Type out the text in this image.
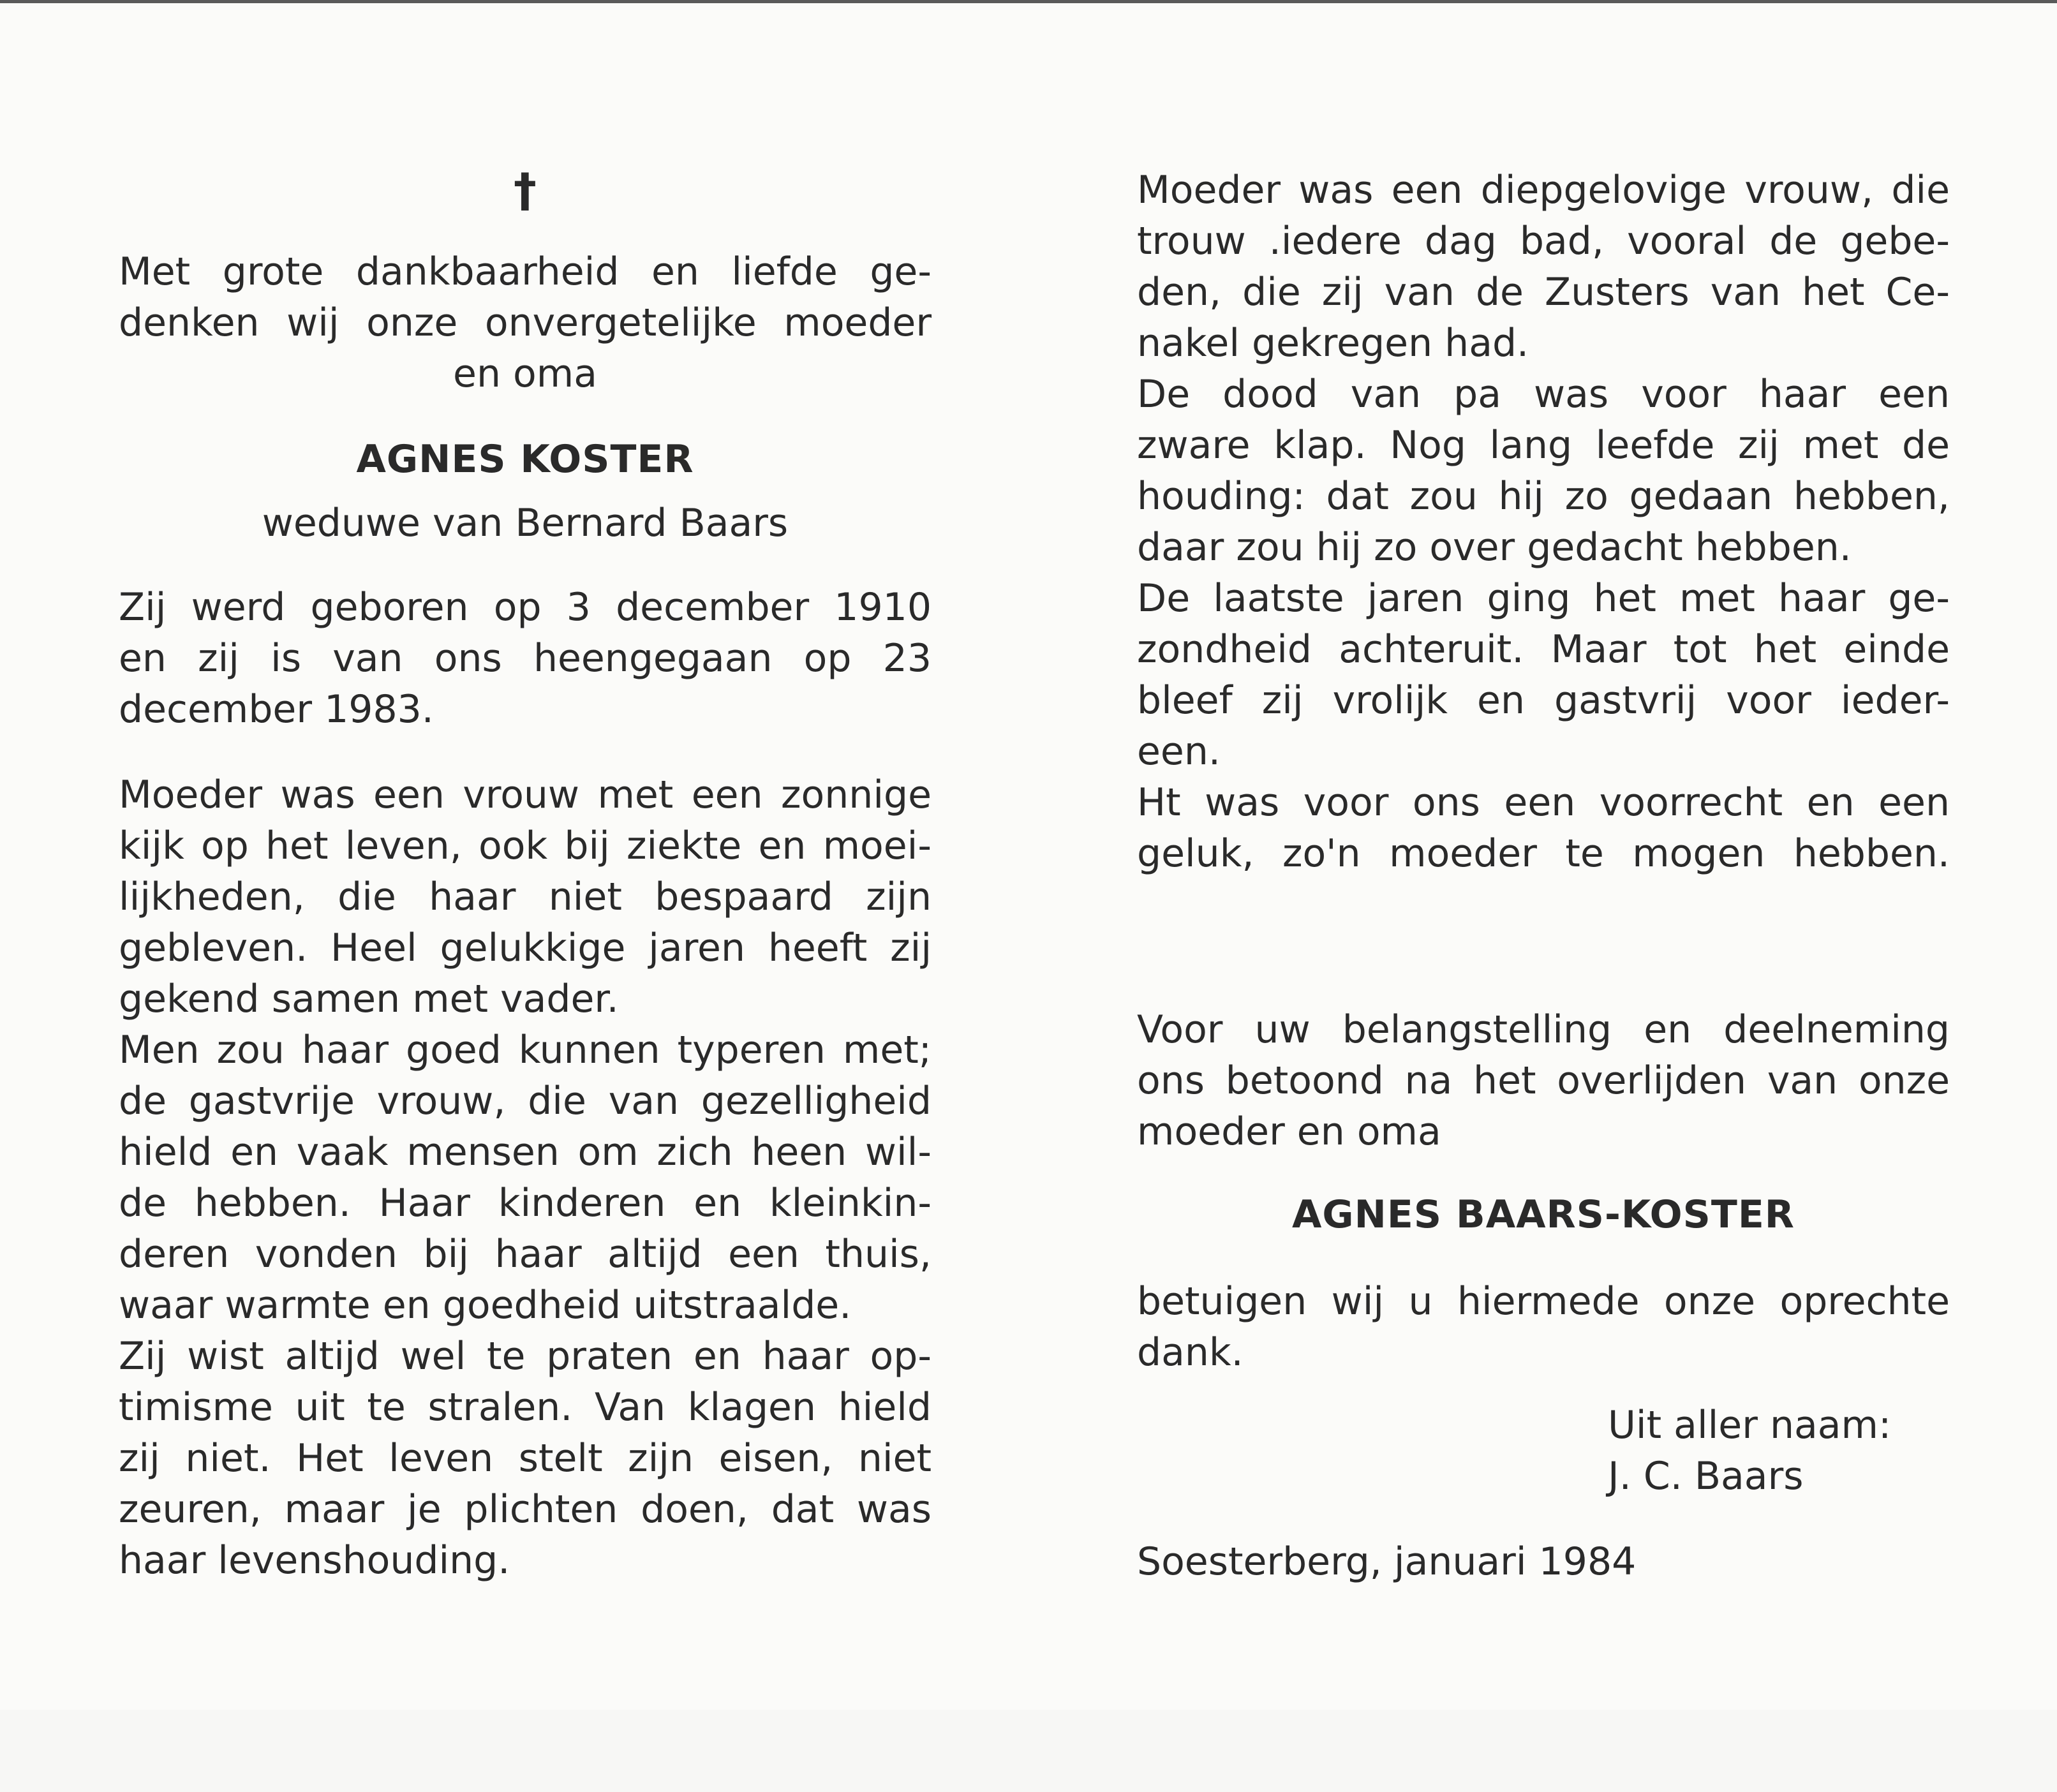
†
Met grote dankbaarheid en liefde ge-
denken wij onze onvergetelijke moeder
en oma
AGNES KOSTER
weduwe van Bernard Baars
Zij werd geboren op 3 december 1910
en zij is van ons heengegaan op 23
december 1983.
Moeder was een vrouw met een zonnige
kijk op het leven, ook bij ziekte en moei-
lijkheden, die haar niet bespaard zijn
gebleven. Heel gelukkige jaren heeft zij
gekend samen met vader.
Men zou haar goed kunnen typeren met;
de gastvrije vrouw, die van gezelligheid
hield en vaak mensen om zich heen wil-
de hebben. Haar kinderen en kleinkin-
deren vonden bij haar altijd een thuis,
waar warmte en goedheid uitstraalde.
Zij wist altijd wel te praten en haar op-
timisme uit te stralen. Van klagen hield
zij niet. Het leven stelt zijn eisen, niet
zeuren, maar je plichten doen, dat was
haar levenshouding.
Moeder was een diepgelovige vrouw, die
trouw .iedere dag bad, vooral de gebe-
den, die zij van de Zusters van het Ce-
nakel gekregen had.
De dood van pa was voor haar een
zware klap. Nog lang leefde zij met de
houding: dat zou hij zo gedaan hebben,
daar zou hij zo over gedacht hebben.
De laatste jaren ging het met haar ge-
zondheid achteruit. Maar tot het einde
bleef zij vrolijk en gastvrij voor ieder-
een.
Ht was voor ons een voorrecht en een
geluk, zo'n moeder te mogen hebben.
Voor uw belangstelling en deelneming
ons betoond na het overlijden van onze
moeder en oma
AGNES BAARS-KOSTER
betuigen wij u hiermede onze oprechte
dank.
Uit aller naam:
J. C. Baars
Soesterberg, januari 1984
